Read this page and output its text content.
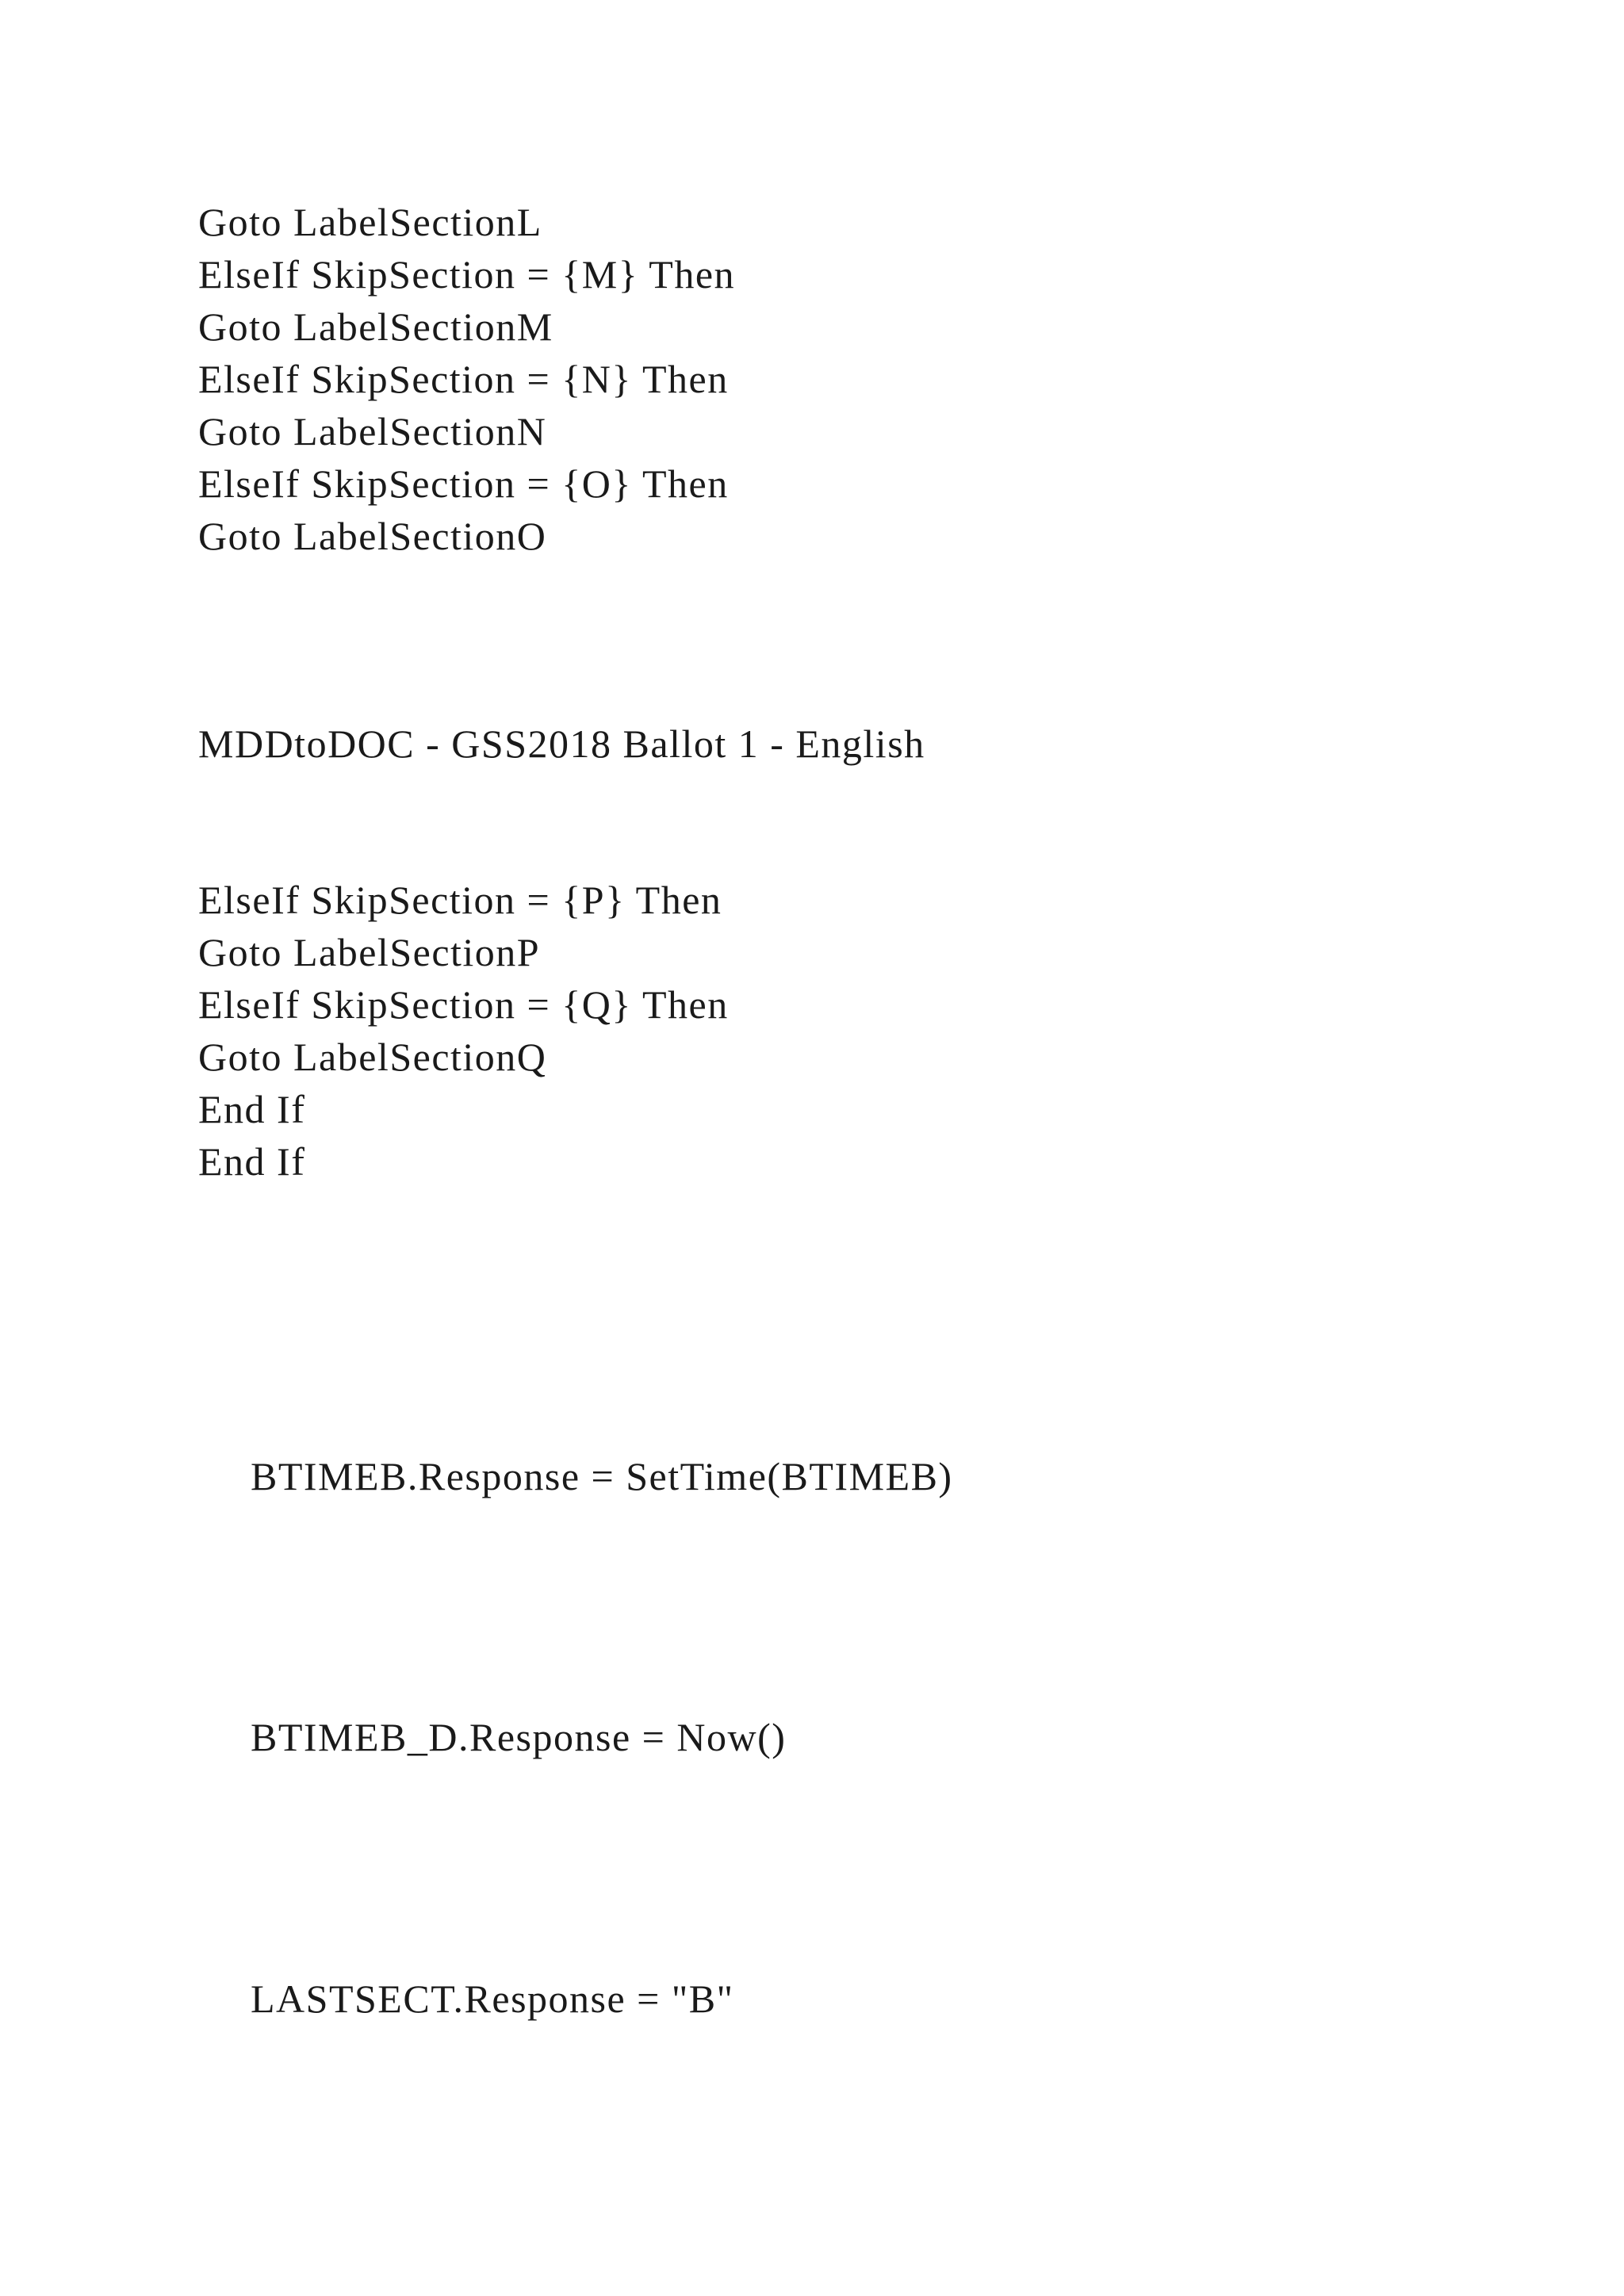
Goto LabelSectionL
ElseIf SkipSection = {M} Then
Goto LabelSectionM
ElseIf SkipSection = {N} Then
Goto LabelSectionN
ElseIf SkipSection = {O} Then
Goto LabelSectionO
MDDtoDOC - GSS2018 Ballot 1 - English
ElseIf SkipSection = {P} Then
Goto LabelSectionP
ElseIf SkipSection = {Q} Then
Goto LabelSectionQ
End If
End If

BTIMEB.Response = SetTime(BTIMEB)

BTIMEB_D.Response = Now()

LASTSECT.Response = "B"
